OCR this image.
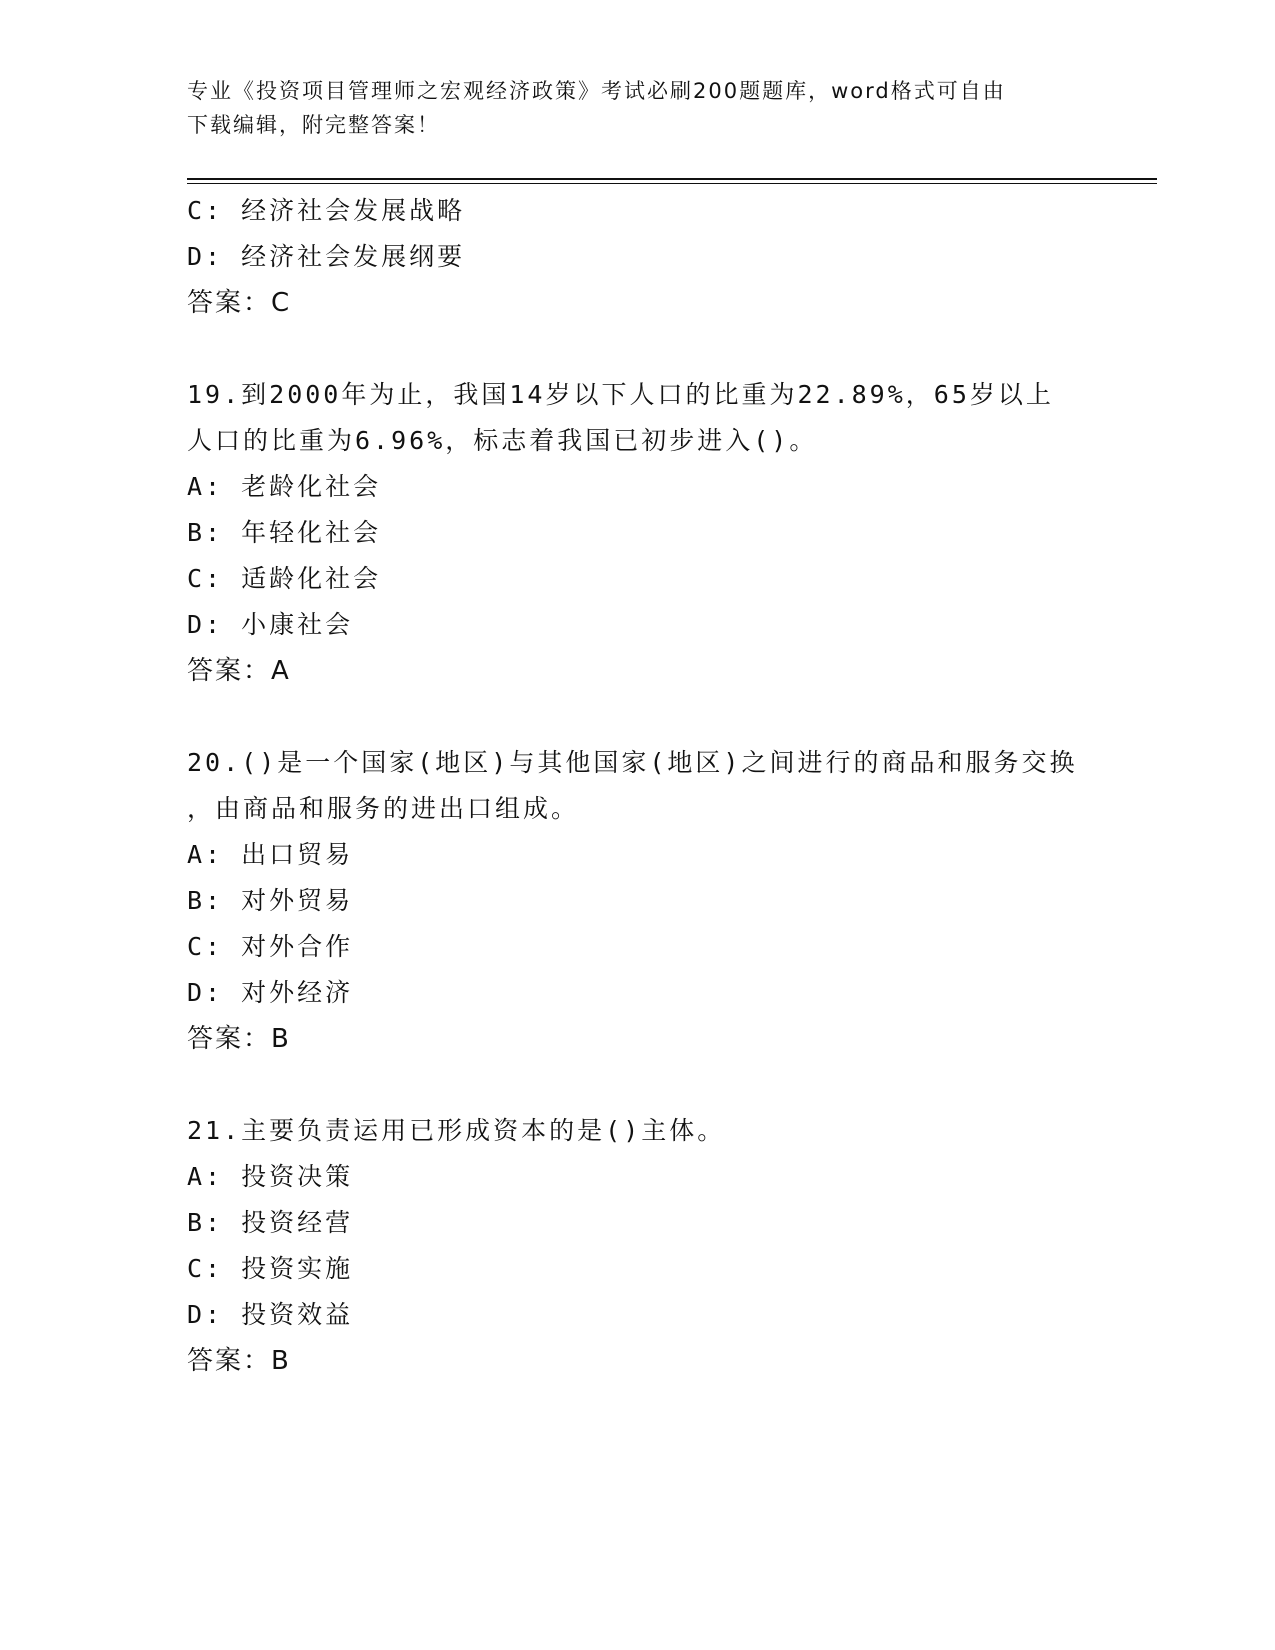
专业《投资项目管理师之宏观经济政策》考试必刷200题题库，word格式可自由
下载编辑，附完整答案！
C: 经济社会发展战略
D: 经济社会发展纲要
答案：C
19.到2000年为止，我国14岁以下人口的比重为22.89%，65岁以上
人口的比重为6.96%，标志着我国已初步进入()。
A: 老龄化社会
B: 年轻化社会
C: 适龄化社会
D: 小康社会
答案：A
20.()是一个国家(地区)与其他国家(地区)之间进行的商品和服务交换
，由商品和服务的进出口组成。
A: 出口贸易
B: 对外贸易
C: 对外合作
D: 对外经济
答案：B
21.主要负责运用已形成资本的是()主体。
A: 投资决策
B: 投资经营
C: 投资实施
D: 投资效益
答案：B
